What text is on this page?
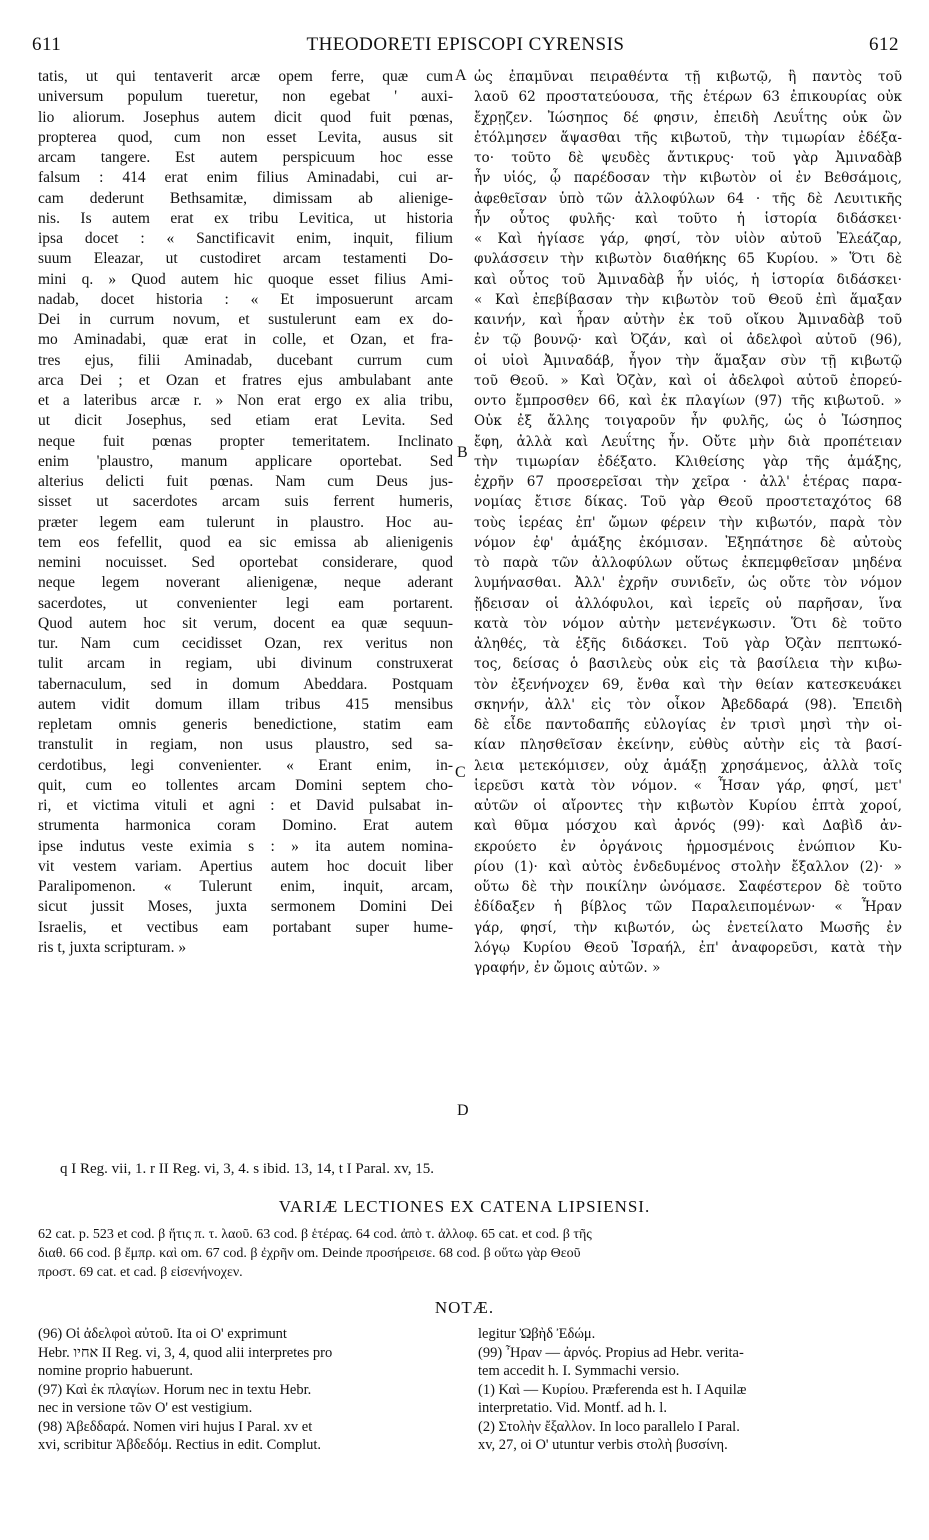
611	THEODORETI EPISCOPI CYRENSIS	612
tatis, ut qui tentaverit arcæ opem ferre, quæ cum
universum populum tueretur, non egebat ' auxi-
lio aliorum. Josephus autem dicit quod fuit pœnas,
propterea quod, cum non esset Levita, ausus sit
arcam tangere. Est autem perspicuum hoc esse
falsum : 414 erat enim filius Aminadabi, cui ar-
cam dederunt Bethsamitæ, dimissam ab alienige-
nis. Is autem erat ex tribu Levitica, ut historia
ipsa docet : « Sanctificavit enim, inquit, filium
suum Eleazar, ut custodiret arcam testamenti Do-
mini q. » Quod autem hic quoque esset filius Ami-
nadab, docet historia : « Et imposuerunt arcam
Dei in currum novum, et sustulerunt eam ex do-
mo Aminadabi, quæ erat in colle, et Ozan, et fra-
tres ejus, filii Aminadab, ducebant currum cum
arca Dei ; et Ozan et fratres ejus ambulabant ante
et a lateribus arcæ r. » Non erat ergo ex alia tribu,
ut dicit Josephus, sed etiam erat Levita. Sed
neque fuit pœnas propter temeritatem. Inclinato
enim 'plaustro, manum applicare oportebat. Sed
alterius delicti fuit pœnas. Nam cum Deus jus-
sisset ut sacerdotes arcam suis ferrent humeris,
præter legem eam tulerunt in plaustro. Hoc au-
tem eos fefellit, quod ea sic emissa ab alienigenis
nemini nocuisset. Sed oportebat considerare, quod
neque legem noverant alienigenæ, neque aderant
sacerdotes, ut convenienter legi eam portarent.
Quod autem hoc sit verum, docent ea quæ sequun-
tur. Nam cum cecidisset Ozan, rex veritus non
tulit arcam in regiam, ubi divinum construxerat
tabernaculum, sed in domum Abeddara. Postquam
autem vidit domum illam tribus 415 mensibus
repletam omnis generis benedictione, statim eam
transtulit in regiam, non usus plaustro, sed sa-
cerdotibus, legi convenienter. « Erant enim, in-
quit, cum eo tollentes arcam Domini septem cho-
ri, et victima vituli et agni : et David pulsabat in-
strumenta harmonica coram Domino. Erat autem
ipse indutus veste eximia s : » ita autem nomina-
vit vestem variam. Apertius autem hoc docuit liber
Paralipomenon. « Tulerunt enim, inquit, arcam,
sicut jussit Moses, juxta sermonem Domini Dei
Israelis, et vectibus eam portabant super hume-
ris t, juxta scripturam. »
ὡς ἐπαμῦναι πειραθέντα τῇ κιβωτῷ, ἣ παντὸς τοῦ
λαοῦ 62 προστατεύουσα, τῆς ἑτέρων 63 ἐπικουρίας οὐκ
ἔχρῃζεν. Ἰώσηπος δέ φησιν, ἐπειδὴ Λευΐτης οὐκ ὢν
ἐτόλμησεν ἅψασθαι τῆς κιβωτοῦ, τὴν τιμωρίαν ἐδέξα-
το· τοῦτο δὲ ψευδὲς ἄντικρυς· τοῦ γὰρ Ἀμιναδὰβ
ἦν υἱός, ᾧ παρέδοσαν τὴν κιβωτὸν οἱ ἐν Βεθσάμοις,
ἀφεθεῖσαν ὑπὸ τῶν ἀλλοφύλων 64 · τῆς δὲ Λευιτικῆς
ἦν οὗτος φυλῆς· καὶ τοῦτο ἡ ἱστορία διδάσκει·
« Καὶ ἡγίασε γάρ, φησί, τὸν υἱὸν αὐτοῦ Ἐλεάζαρ,
φυλάσσειν τὴν κιβωτὸν διαθήκης 65 Κυρίου. » Ὅτι δὲ
καὶ οὗτος τοῦ Ἀμιναδὰβ ἦν υἱός, ἡ ἱστορία διδάσκει·
« Καὶ ἐπεβίβασαν τὴν κιβωτὸν τοῦ Θεοῦ ἐπὶ ἅμαξαν
καινήν, καὶ ἦραν αὐτὴν ἐκ τοῦ οἴκου Ἀμιναδὰβ τοῦ
ἐν τῷ βουνῷ· καὶ Ὀζάν, καὶ οἱ ἀδελφοὶ αὐτοῦ (96),
οἱ υἱοὶ Ἀμιναδάβ, ἦγον τὴν ἅμαξαν σὺν τῇ κιβωτῷ
τοῦ Θεοῦ. » Καὶ Ὀζὰν, καὶ οἱ ἀδελφοὶ αὐτοῦ ἐπορεύ-
οντο ἔμπροσθεν 66, καὶ ἐκ πλαγίων (97) τῆς κιβωτοῦ. »
Οὐκ ἐξ ἄλλης τοιγαροῦν ἦν φυλῆς, ὡς ὁ Ἰώσηπος
ἔφη, ἀλλὰ καὶ Λευΐτης ἦν. Οὔτε μὴν διὰ προπέτειαν
τὴν τιμωρίαν ἐδέξατο. Κλιθείσης γὰρ τῆς ἁμάξης,
ἐχρῆν 67 προσερεῖσαι τὴν χεῖρα · ἀλλ' ἑτέρας παρα-
νομίας ἔτισε δίκας. Τοῦ γὰρ Θεοῦ προστεταχότος 68
τοὺς ἱερέας ἐπ' ὤμων φέρειν τὴν κιβωτόν, παρὰ τὸν
νόμον ἐφ' ἁμάξης ἐκόμισαν. Ἐξηπάτησε δὲ αὐτοὺς
τὸ παρὰ τῶν ἀλλοφύλων οὕτως ἐκπεμφθεῖσαν μηδένα
λυμήνασθαι. Ἀλλ' ἐχρῆν συνιδεῖν, ὡς οὔτε τὸν νόμον
ᾔδεισαν οἱ ἀλλόφυλοι, καὶ ἱερεῖς οὐ παρῆσαν, ἵνα
κατὰ τὸν νόμον αὐτὴν μετενέγκωσιν. Ὅτι δὲ τοῦτο
ἀληθές, τὰ ἑξῆς διδάσκει. Τοῦ γὰρ Ὀζὰν πεπτωκό-
τος, δείσας ὁ βασιλεὺς οὐκ εἰς τὰ βασίλεια τὴν κιβω-
τὸν ἐξενήνοχεν 69, ἔνθα καὶ τὴν θείαν κατεσκευάκει
σκηνήν, ἀλλ' εἰς τὸν οἶκον Ἀβεδδαρά (98). Ἐπειδὴ
δὲ εἶδε παντοδαπῆς εὐλογίας ἐν τρισὶ μησὶ τὴν οἰ-
κίαν πλησθεῖσαν ἐκείνην, εὐθὺς αὐτὴν εἰς τὰ βασί-
λεια μετεκόμισεν, οὐχ ἁμάξῃ χρησάμενος, ἀλλὰ τοῖς
ἱερεῦσι κατὰ τὸν νόμον. « Ἦσαν γάρ, φησί, μετ'
αὐτῶν οἱ αἴροντες τὴν κιβωτὸν Κυρίου ἑπτὰ χοροί,
καὶ θῦμα μόσχου καὶ ἀρνός (99)· καὶ Δαβὶδ ἀν-
εκρούετο ἐν ὀργάνοις ἡρμοσμένοις ἐνώπιον Κυ-
ρίου (1)· καὶ αὐτὸς ἐνδεδυμένος στολὴν ἔξαλλον (2)· »
οὕτω δὲ τὴν ποικίλην ὠνόμασε. Σαφέστερον δὲ τοῦτο
ἐδίδαξεν ἡ βίβλος τῶν Παραλειπομένων· « Ἦραν
γάρ, φησί, τὴν κιβωτόν, ὡς ἐνετείλατο Μωσῆς ἐν
λόγῳ Κυρίου Θεοῦ Ἰσραήλ, ἐπ' ἀναφορεῦσι, κατὰ τὴν
γραφήν, ἐν ὤμοις αὐτῶν. »
A
B
C
D
q I Reg. vii, 1. r II Reg. vi, 3, 4. s ibid. 13, 14, t I Paral. xv, 15.
VARIÆ LECTIONES EX CATENA LIPSIENSI.
62 cat. p. 523 et cod. β ἥτις π. τ. λαοῦ. 63 cod. β ἑτέρας. 64 cod. ἀπὸ τ. ἀλλοφ. 65 cat. et cod. β τῆς
διαθ. 66 cod. β ἔμπρ. καὶ om. 67 cod. β ἐχρῆν om. Deinde προσήρεισε. 68 cod. β οὕτω γὰρ Θεοῦ
προστ. 69 cat. et cad. β εἰσενήνοχεν.
NOTÆ.
(96) Οἱ ἀδελφοὶ αὐτοῦ. Ita oi O' exprimunt
Hebr. אחיו II Reg. vi, 3, 4, quod alii interpretes pro
nomine proprio habuerunt.
(97) Καὶ ἐκ πλαγίων. Horum nec in textu Hebr.
nec in versione τῶν O' est vestigium.
(98) Ἀβεδδαρά. Nomen viri hujus I Paral. xv et
xvi, scribitur Ἀβδεδόμ. Rectius in edit. Complut.
legitur Ὠβὴδ Ἐδώμ.
(99) Ἦραν — ἀρνός. Propius ad Hebr. verita-
tem accedit h. I. Symmachi versio.
(1) Καὶ — Κυρίου. Præferenda est h. I Aquilæ
interpretatio. Vid. Montf. ad h. l.
(2) Στολὴν ἔξαλλον. In loco parallelo I Paral.
xv, 27, oi O' utuntur verbis στολὴ βυσσίνη.
